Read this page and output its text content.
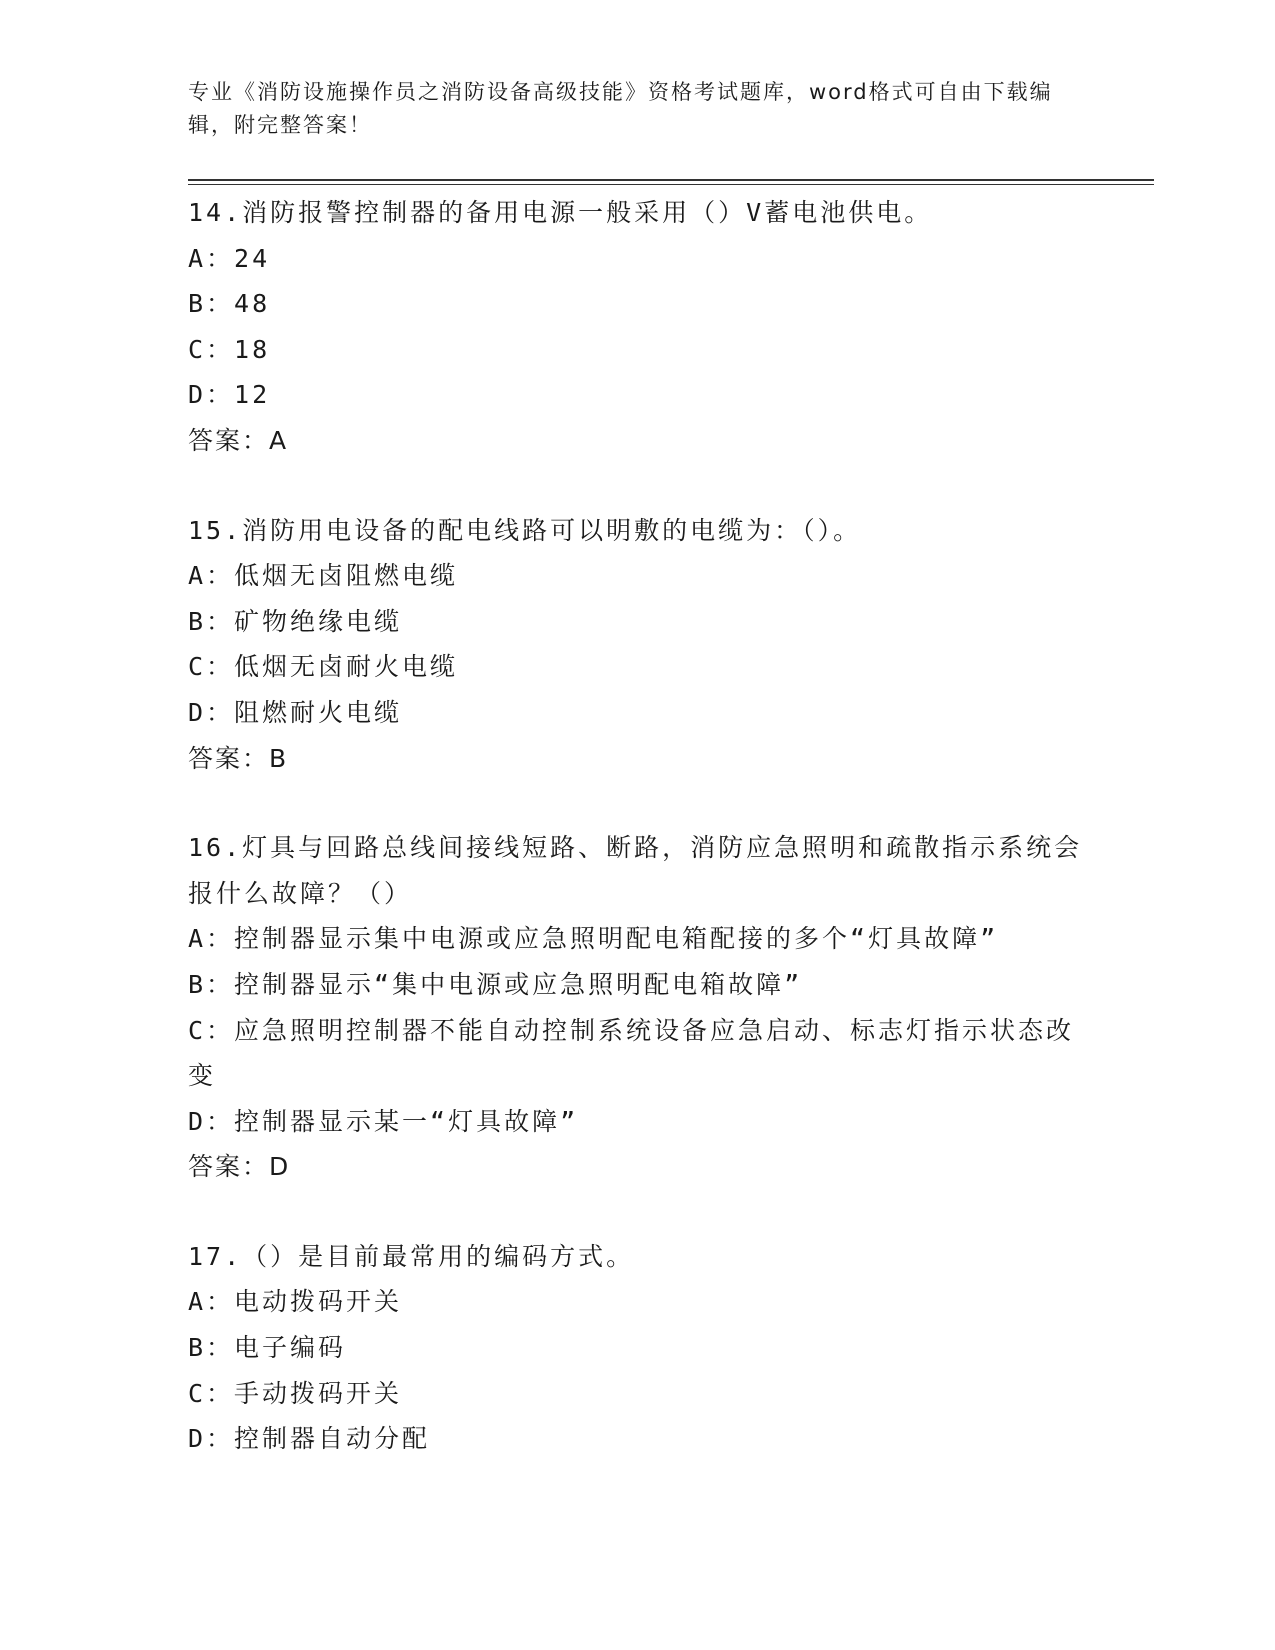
专业《消防设施操作员之消防设备高级技能》资格考试题库，word格式可自由下载编辑，附完整答案！
14.消防报警控制器的备用电源一般采用（）V蓄电池供电。
A：24
B：48
C：18
D：12
答案：A
15.消防用电设备的配电线路可以明敷的电缆为：（）。
A：低烟无卤阻燃电缆
B：矿物绝缘电缆
C：低烟无卤耐火电缆
D：阻燃耐火电缆
答案：B
16.灯具与回路总线间接线短路、断路，消防应急照明和疏散指示系统会报什么故障？（）
A：控制器显示集中电源或应急照明配电箱配接的多个“灯具故障”
B：控制器显示“集中电源或应急照明配电箱故障”
C：应急照明控制器不能自动控制系统设备应急启动、标志灯指示状态改变
D：控制器显示某一“灯具故障”
答案：D
17.（）是目前最常用的编码方式。
A：电动拨码开关
B：电子编码
C：手动拨码开关
D：控制器自动分配
